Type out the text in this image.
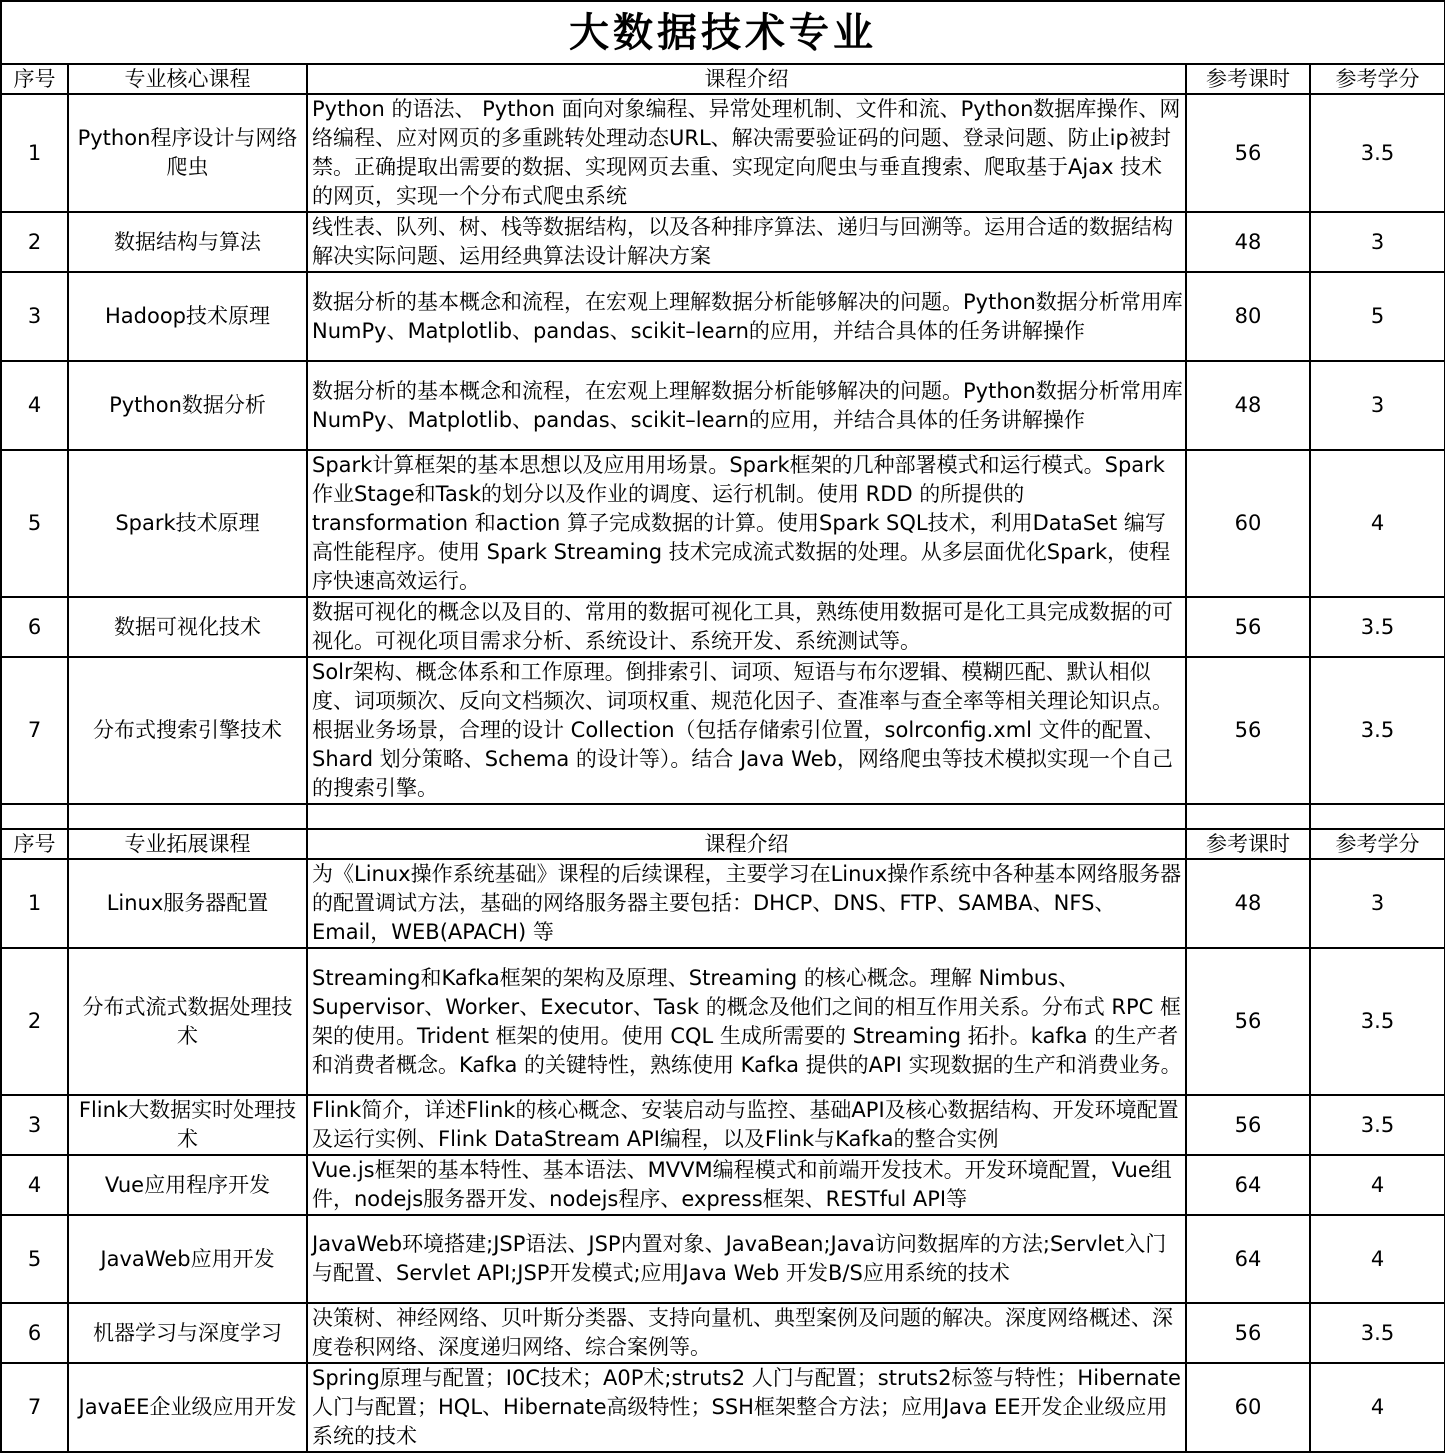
大数据技术专业				
序号	专业核心课程	课程介绍	参考课时	参考学分
1	Python程序设计与网络爬虫	Python 的语法、 Python 面向对象编程、异常处理机制、文件和流、Python数据库操作、网络编程、应对网页的多重跳转处理动态URL、解决需要验证码的问题、登录问题、防止ip被封禁。正确提取出需要的数据、实现网页去重、实现定向爬虫与垂直搜索、爬取基于Ajax 技术的网页，实现一个分布式爬虫系统	56	3.5
2	数据结构与算法	线性表、队列、树、栈等数据结构，以及各种排序算法、递归与回溯等。运用合适的数据结构解决实际问题、运用经典算法设计解决方案	48	3
3	Hadoop技术原理	数据分析的基本概念和流程，在宏观上理解数据分析能够解决的问题。Python数据分析常用库NumPy、Matplotlib、pandas、scikit–learn的应用，并结合具体的任务讲解操作	80	5
4	Python数据分析	数据分析的基本概念和流程，在宏观上理解数据分析能够解决的问题。Python数据分析常用库NumPy、Matplotlib、pandas、scikit–learn的应用，并结合具体的任务讲解操作	48	3
5	Spark技术原理	Spark计算框架的基本思想以及应用用场景。Spark框架的几种部署模式和运行模式。Spark作业Stage和Task的划分以及作业的调度、运行机制。使用 RDD 的所提供的 transformation 和action 算子完成数据的计算。使用Spark SQL技术，利用DataSet 编写高性能程序。使用 Spark Streaming 技术完成流式数据的处理。从多层面优化Spark，使程序快速高效运行。	60	4
6	数据可视化技术	数据可视化的概念以及目的、常用的数据可视化工具，熟练使用数据可是化工具完成数据的可视化。可视化项目需求分析、系统设计、系统开发、系统测试等。	56	3.5
7	分布式搜索引擎技术	Solr架构、概念体系和工作原理。倒排索引、词项、短语与布尔逻辑、模糊匹配、默认相似度、词项频次、反向文档频次、词项权重、规范化因子、查准率与查全率等相关理论知识点。根据业务场景，合理的设计 Collection（包括存储索引位置，solrconfig.xml 文件的配置、Shard 划分策略、Schema 的设计等）。结合 Java Web，网络爬虫等技术模拟实现一个自己的搜索引擎。	56	3.5

序号	专业拓展课程	课程介绍	参考课时	参考学分
1	Linux服务器配置	为《Linux操作系统基础》课程的后续课程，主要学习在Linux操作系统中各种基本网络服务器的配置调试方法，基础的网络服务器主要包括：DHCP、DNS、FTP、SAMBA、NFS、Email，WEB(APACH) 等	48	3
2	分布式流式数据处理技术	Streaming和Kafka框架的架构及原理、Streaming 的核心概念。理解 Nimbus、Supervisor、Worker、Executor、Task 的概念及他们之间的相互作用关系。分布式 RPC 框架的使用。Trident 框架的使用。使用 CQL 生成所需要的 Streaming 拓扑。kafka 的生产者和消费者概念。Kafka 的关键特性，熟练使用 Kafka 提供的API 实现数据的生产和消费业务。	56	3.5
3	Flink大数据实时处理技术	Flink简介，详述Flink的核心概念、安装启动与监控、基础API及核心数据结构、开发环境配置及运行实例、Flink DataStream API编程，以及Flink与Kafka的整合实例	56	3.5
4	Vue应用程序开发	Vue.js框架的基本特性、基本语法、MVVM编程模式和前端开发技术。开发环境配置，Vue组件，nodejs服务器开发、nodejs程序、express框架、RESTful API等	64	4
5	JavaWeb应用开发	JavaWeb环境搭建;JSP语法、JSP内置对象、JavaBean;Java访问数据库的方法;Servlet入门与配置、Servlet API;JSP开发模式;应用Java Web 开发B/S应用系统的技术	64	4
6	机器学习与深度学习	决策树、神经网络、贝叶斯分类器、支持向量机、典型案例及问题的解决。深度网络概述、深度卷积网络、深度递归网络、综合案例等。	56	3.5
7	JavaEE企业级应用开发	Spring原理与配置；I0C技术；A0P术;struts2 人门与配置；struts2标签与特性；Hibernate人门与配置；HQL、Hibernate高级特性；SSH框架整合方法；应用Java EE开发企业级应用系统的技术	60	4
